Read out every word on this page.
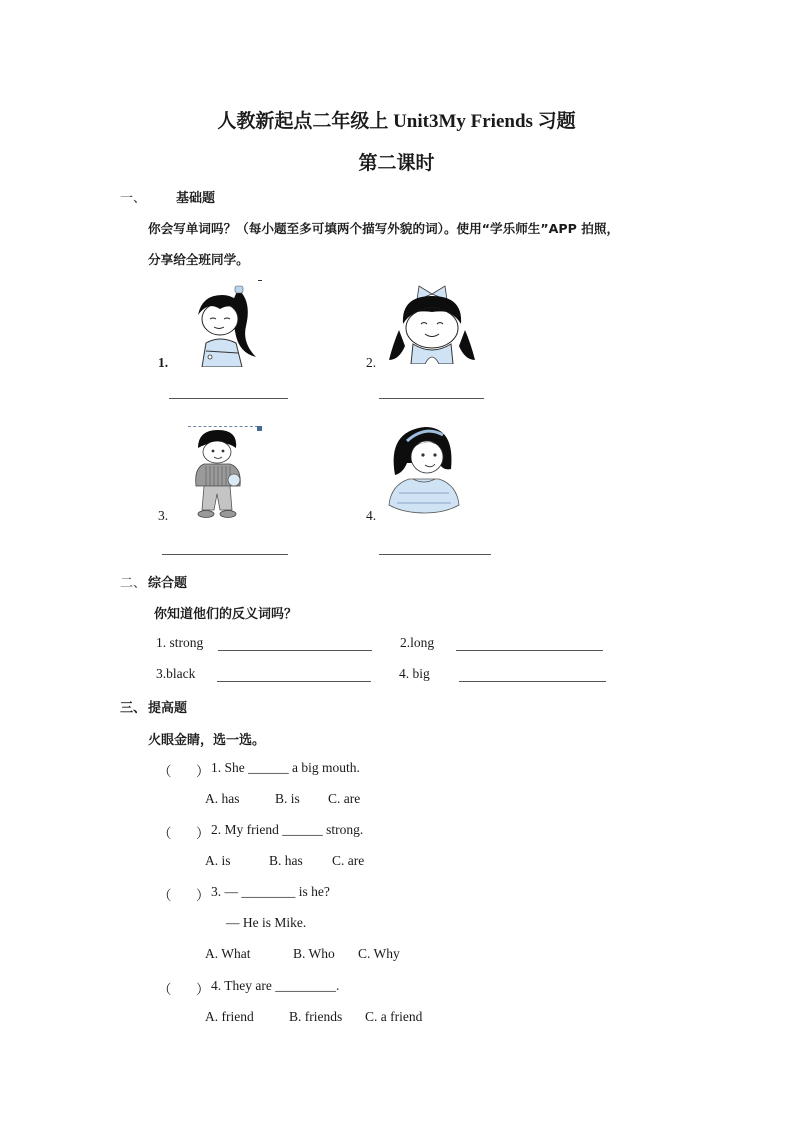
人教新起点二年级上 Unit3My Friends 习题
第二课时
一、 基础题
你会写单词吗？（每小题至多可填两个描写外貌的词）。使用“学乐师生”APP 拍照，
分享给全班同学。
1.	2.
3.	4.
二、 综合题
你知道他们的反义词吗？
1. strong	2.long
3.black	4. big
三、 提高题
火眼金睛，选一选。
（ ） 1. She ______ a big mouth.
A. has	B. is C. are
（ ） 2. My friend ______ strong.
A. is	B. has C. are
（ ） 3. — ________ is he?
— He is Mike.
A. What	B. Who C. Why
（ ） 4. They are _________.
A. friend	B. friends C. a friend
